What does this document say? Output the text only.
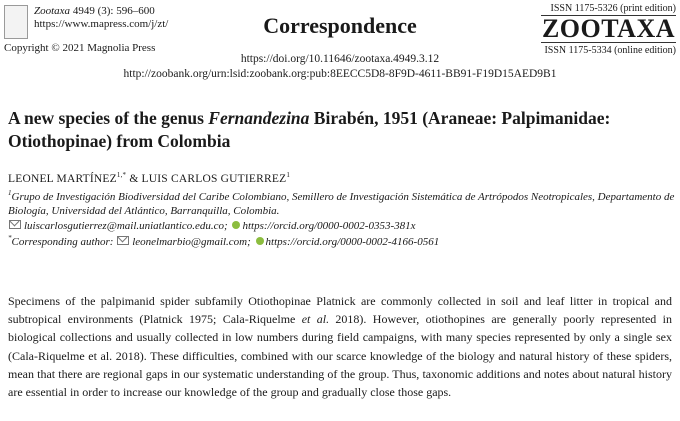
Zootaxa 4949 (3): 596–600
https://www.mapress.com/j/zt/
Copyright © 2021 Magnolia Press
Correspondence
ISSN 1175-5326 (print edition)
ZOOTAXA
ISSN 1175-5334 (online edition)
https://doi.org/10.11646/zootaxa.4949.3.12
http://zoobank.org/urn:lsid:zoobank.org:pub:8EECC5D8-8F9D-4611-BB91-F19D15AED9B1
A new species of the genus Fernandezina Birabén, 1951 (Araneae: Palpimanidae: Otiothopinae) from Colombia
LEONEL $MARTÍNEZ^{1,*}$ & LUIS CARLOS GUTIERREZ$^1$
$^1$Grupo de Investigación Biodiversidad del Caribe Colombiano, Semillero de Investigación Sistemática de Artrópodos Neotropicales, Departamento de Biología, Universidad del Atlántico, Barranquilla, Colombia.
luiscarlosgutierrez@mail.uniatlantico.edu.co; https://orcid.org/0000-0002-0353-381x
*Corresponding author: leonelmarbio@gmail.com; https://orcid.org/0000-0002-4166-0561
Specimens of the palpimanid spider subfamily Otiothopinae Platnick are commonly collected in soil and leaf litter in tropical and subtropical environments (Platnick 1975; Cala-Riquelme et al. 2018). However, otiothopines are generally poorly represented in biological collections and usually collected in low numbers during field campaigns, with many species represented by only a single sex (Cala-Riquelme et al. 2018). These difficulties, combined with our scarce knowledge of the biology and natural history of these spiders, mean that there are regional gaps in our systematic understanding of the group. Thus, taxonomic additions and notes about natural history are essential in order to increase our knowledge of the group and gradually close those gaps.
